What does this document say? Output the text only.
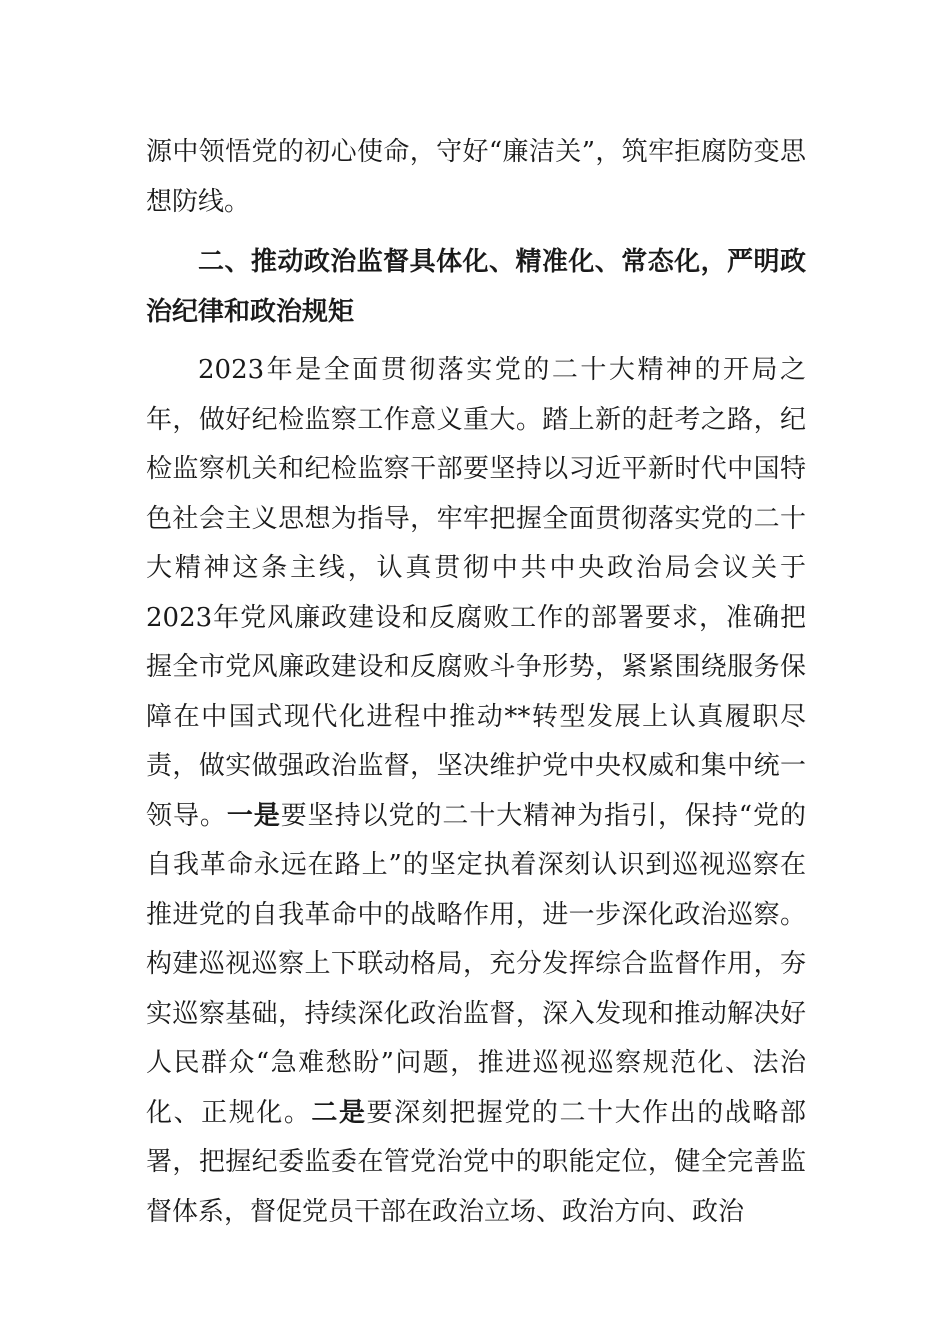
源中领悟党的初心使命，守好“廉洁关”，筑牢拒腐防变思想防线。

二、推动政治监督具体化、精准化、常态化，严明政治纪律和政治规矩

2023年是全面贯彻落实党的二十大精神的开局之年，做好纪检监察工作意义重大。踏上新的赶考之路，纪检监察机关和纪检监察干部要坚持以习近平新时代中国特色社会主义思想为指导，牢牢把握全面贯彻落实党的二十大精神这条主线，认真贯彻中共中央政治局会议关于2023年党风廉政建设和反腐败工作的部署要求，准确把握全市党风廉政建设和反腐败斗争形势，紧紧围绕服务保障在中国式现代化进程中推动**转型发展上认真履职尽责，做实做强政治监督，坚决维护党中央权威和集中统一领导。一是要坚持以党的二十大精神为指引，保持“党的自我革命永远在路上”的坚定执着深刻认识到巡视巡察在推进党的自我革命中的战略作用，进一步深化政治巡察。构建巡视巡察上下联动格局，充分发挥综合监督作用，夯实巡察基础，持续深化政治监督，深入发现和推动解决好人民群众“急难愁盼”问题，推进巡视巡察规范化、法治化、正规化。二是要深刻把握党的二十大作出的战略部署，把握纪委监委在管党治党中的职能定位，健全完善监督体系，督促党员干部在政治立场、政治方向、政治
